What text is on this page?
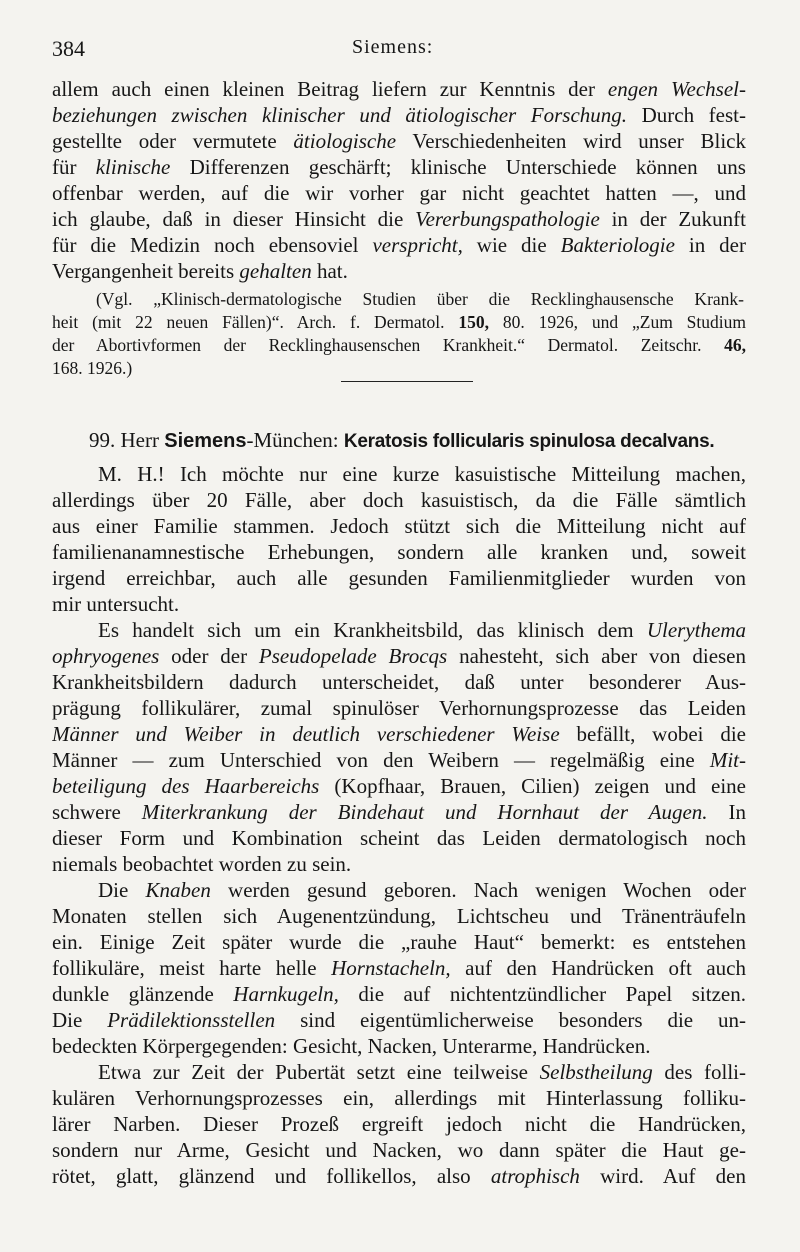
384	Siemens:
allem auch einen kleinen Beitrag liefern zur Kenntnis der engen Wechsel-
beziehungen zwischen klinischer und ätiologischer Forschung. Durch fest-
gestellte oder vermutete ätiologische Verschiedenheiten wird unser Blick
für klinische Differenzen geschärft; klinische Unterschiede können uns
offenbar werden, auf die wir vorher gar nicht geachtet hatten —, und
ich glaube, daß in dieser Hinsicht die Vererbungspathologie in der Zukunft
für die Medizin noch ebensoviel verspricht, wie die Bakteriologie in der
Vergangenheit bereits gehalten hat.
(Vgl. „Klinisch-dermatologische Studien über die Recklinghausensche Krank-
heit (mit 22 neuen Fällen)“. Arch. f. Dermatol. 150, 80. 1926, und „Zum Studium
der Abortivformen der Recklinghausenschen Krankheit.“ Dermatol. Zeitschr. 46,
168. 1926.)
99. Herr Siemens-München: Keratosis follicularis spinulosa decalvans.
M. H.! Ich möchte nur eine kurze kasuistische Mitteilung machen,
allerdings über 20 Fälle, aber doch kasuistisch, da die Fälle sämtlich
aus einer Familie stammen. Jedoch stützt sich die Mitteilung nicht auf
familienanamnestische Erhebungen, sondern alle kranken und, soweit
irgend erreichbar, auch alle gesunden Familienmitglieder wurden von
mir untersucht.
Es handelt sich um ein Krankheitsbild, das klinisch dem Ulerythema
ophryogenes oder der Pseudopelade Brocqs nahesteht, sich aber von diesen
Krankheitsbildern dadurch unterscheidet, daß unter besonderer Aus-
prägung follikulärer, zumal spinulöser Verhornungsprozesse das Leiden
Männer und Weiber in deutlich verschiedener Weise befällt, wobei die
Männer — zum Unterschied von den Weibern — regelmäßig eine Mit-
beteiligung des Haarbereichs (Kopfhaar, Brauen, Cilien) zeigen und eine
schwere Miterkrankung der Bindehaut und Hornhaut der Augen. In
dieser Form und Kombination scheint das Leiden dermatologisch noch
niemals beobachtet worden zu sein.
Die Knaben werden gesund geboren. Nach wenigen Wochen oder
Monaten stellen sich Augenentzündung, Lichtscheu und Tränenträufeln
ein. Einige Zeit später wurde die „rauhe Haut“ bemerkt: es entstehen
follikuläre, meist harte helle Hornstacheln, auf den Handrücken oft auch
dunkle glänzende Harnkugeln, die auf nichtentzündlicher Papel sitzen.
Die Prädilektionsstellen sind eigentümlicherweise besonders die un-
bedeckten Körpergegenden: Gesicht, Nacken, Unterarme, Handrücken.
Etwa zur Zeit der Pubertät setzt eine teilweise Selbstheilung des folli-
kulären Verhornungsprozesses ein, allerdings mit Hinterlassung folliku-
lärer Narben. Dieser Prozeß ergreift jedoch nicht die Handrücken,
sondern nur Arme, Gesicht und Nacken, wo dann später die Haut ge-
rötet, glatt, glänzend und follikellos, also atrophisch wird. Auf den
